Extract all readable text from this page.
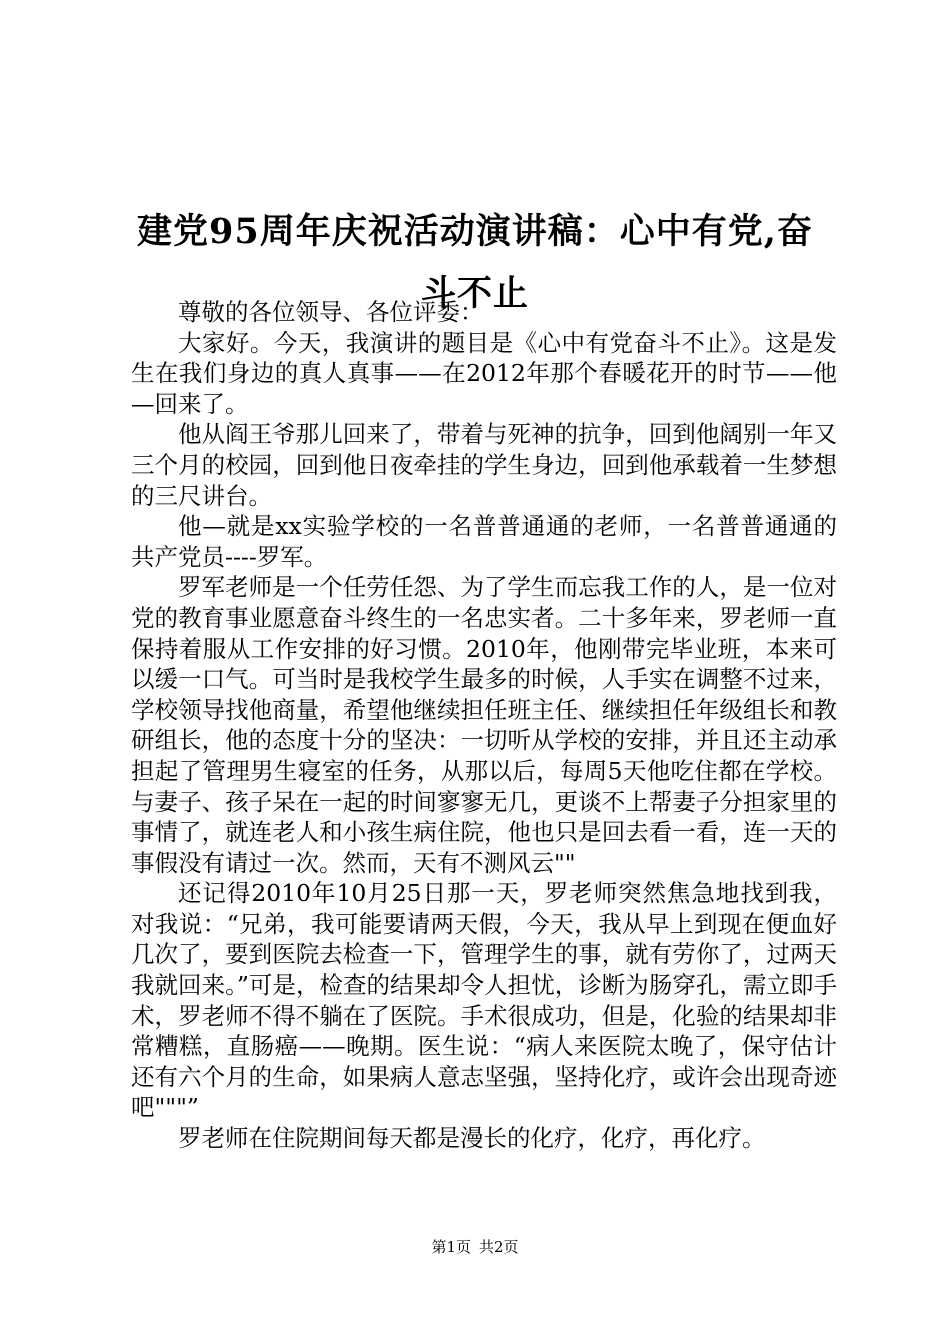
建党95周年庆祝活动演讲稿：心中有党,奋斗不止

尊敬的各位领导、各位评委：

大家好。今天，我演讲的题目是《心中有党奋斗不止》。这是发生在我们身边的真人真事——在2012年那个春暖花开的时节——他—回来了。

他从阎王爷那儿回来了，带着与死神的抗争，回到他阔别一年又三个月的校园，回到他日夜牵挂的学生身边，回到他承载着一生梦想的三尺讲台。

他—就是xx实验学校的一名普普通通的老师，一名普普通通的共产党员----罗军。

罗军老师是一个任劳任怨、为了学生而忘我工作的人，是一位对党的教育事业愿意奋斗终生的一名忠实者。二十多年来，罗老师一直保持着服从工作安排的好习惯。2010年，他刚带完毕业班，本来可以缓一口气。可当时是我校学生最多的时候，人手实在调整不过来，学校领导找他商量，希望他继续担任班主任、继续担任年级组长和教研组长，他的态度十分的坚决：一切听从学校的安排，并且还主动承担起了管理男生寝室的任务，从那以后，每周5天他吃住都在学校。与妻子、孩子呆在一起的时间寥寥无几，更谈不上帮妻子分担家里的事情了，就连老人和小孩生病住院，他也只是回去看一看，连一天的事假没有请过一次。然而，天有不测风云""

还记得2010年10月25日那一天，罗老师突然焦急地找到我，对我说：“兄弟，我可能要请两天假，今天，我从早上到现在便血好几次了，要到医院去检查一下，管理学生的事，就有劳你了，过两天我就回来。”可是，检查的结果却令人担忧，诊断为肠穿孔，需立即手术，罗老师不得不躺在了医院。手术很成功，但是，化验的结果却非常糟糕，直肠癌——晚期。医生说：“病人来医院太晚了，保守估计还有六个月的生命，如果病人意志坚强，坚持化疗，或许会出现奇迹吧"""”

罗老师在住院期间每天都是漫长的化疗，化疗，再化疗。

第1页 共2页
